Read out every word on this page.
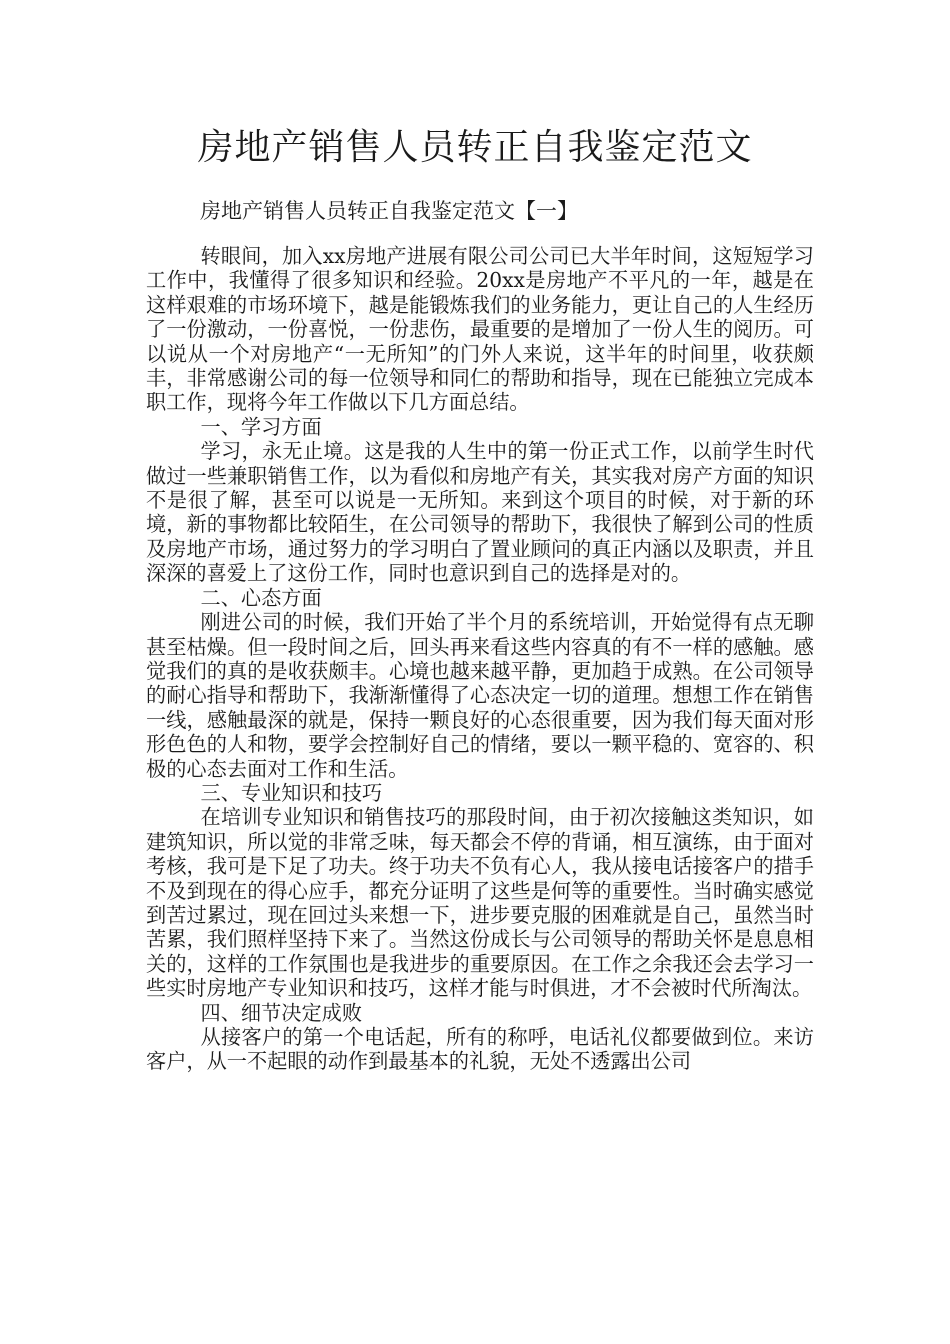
房地产销售人员转正自我鉴定范文
房地产销售人员转正自我鉴定范文【一】

转眼间，加入xx房地产进展有限公司公司已大半年时间，这短短学习工作中，我懂得了很多知识和经验。20xx是房地产不平凡的一年，越是在这样艰难的市场环境下，越是能锻炼我们的业务能力，更让自己的人生经历了一份激动，一份喜悦，一份悲伤，最重要的是增加了一份人生的阅历。可以说从一个对房地产“一无所知”的门外人来说，这半年的时间里，收获颇丰，非常感谢公司的每一位领导和同仁的帮助和指导，现在已能独立完成本职工作，现将今年工作做以下几方面总结。

一、学习方面

学习，永无止境。这是我的人生中的第一份正式工作，以前学生时代做过一些兼职销售工作，以为看似和房地产有关，其实我对房产方面的知识不是很了解，甚至可以说是一无所知。来到这个项目的时候，对于新的环境，新的事物都比较陌生，在公司领导的帮助下，我很快了解到公司的性质及房地产市场，通过努力的学习明白了置业顾问的真正内涵以及职责，并且深深的喜爱上了这份工作，同时也意识到自己的选择是对的。

二、心态方面

刚进公司的时候，我们开始了半个月的系统培训，开始觉得有点无聊甚至枯燥。但一段时间之后，回头再来看这些内容真的有不一样的感触。感觉我们的真的是收获颇丰。心境也越来越平静，更加趋于成熟。在公司领导的耐心指导和帮助下，我渐渐懂得了心态决定一切的道理。想想工作在销售一线，感触最深的就是，保持一颗良好的心态很重要，因为我们每天面对形形色色的人和物，要学会控制好自己的情绪，要以一颗平稳的、宽容的、积极的心态去面对工作和生活。

三、专业知识和技巧

在培训专业知识和销售技巧的那段时间，由于初次接触这类知识，如建筑知识，所以觉的非常乏味，每天都会不停的背诵，相互演练，由于面对考核，我可是下足了功夫。终于功夫不负有心人，我从接电话接客户的措手不及到现在的得心应手，都充分证明了这些是何等的重要性。当时确实感觉到苦过累过，现在回过头来想一下，进步要克服的困难就是自己，虽然当时苦累，我们照样坚持下来了。当然这份成长与公司领导的帮助关怀是息息相关的，这样的工作氛围也是我进步的重要原因。在工作之余我还会去学习一些实时房地产专业知识和技巧，这样才能与时俱进，才不会被时代所淘汰。

四、细节决定成败

从接客户的第一个电话起，所有的称呼，电话礼仪都要做到位。来访客户，从一不起眼的动作到最基本的礼貌，无处不透露出公司
